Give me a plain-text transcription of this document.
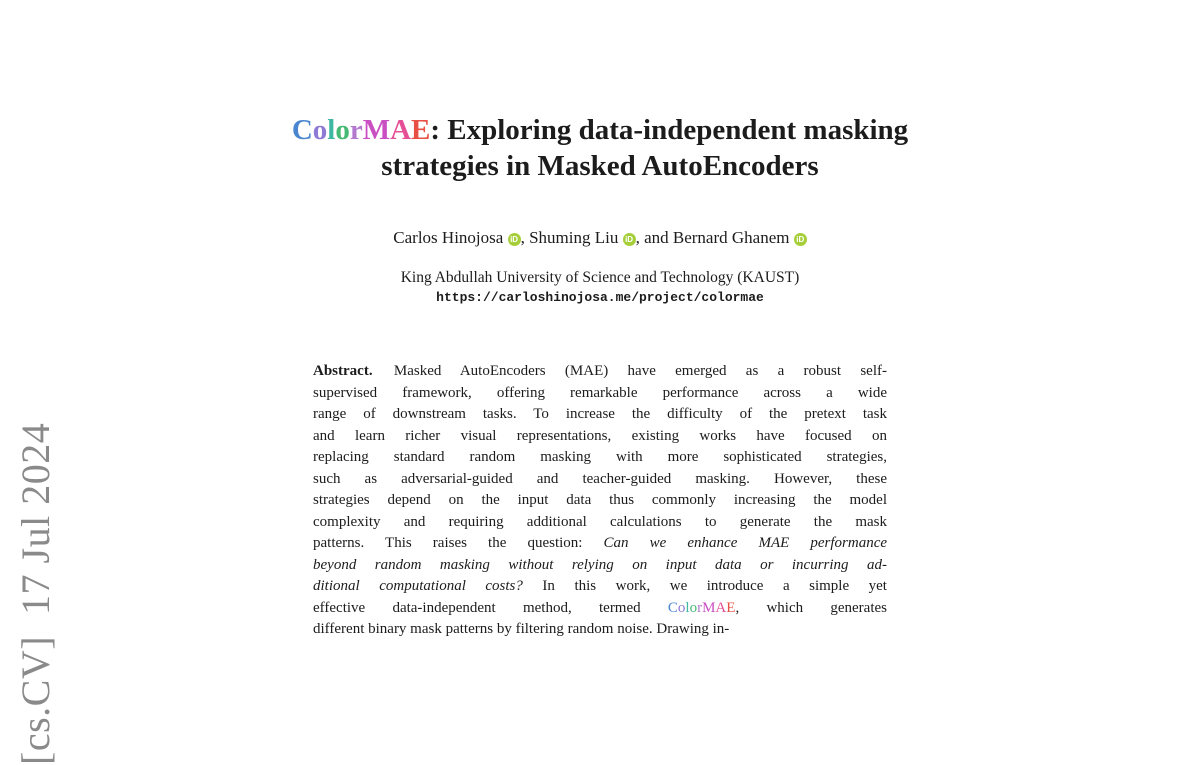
[cs.CV]  17 Jul 2024
ColorMAE: Exploring data-independent masking
strategies in Masked AutoEncoders
Carlos Hinojosa iD , Shuming Liu iD , and Bernard Ghanem iD
King Abdullah University of Science and Technology (KAUST)
https://carloshinojosa.me/project/colormae
Abstract. Masked AutoEncoders (MAE) have emerged as a robust self-
supervised framework, offering remarkable performance across a wide
range of downstream tasks. To increase the difficulty of the pretext task
and learn richer visual representations, existing works have focused on
replacing standard random masking with more sophisticated strategies,
such as adversarial-guided and teacher-guided masking. However, these
strategies depend on the input data thus commonly increasing the model
complexity and requiring additional calculations to generate the mask
patterns. This raises the question: Can we enhance MAE performance
beyond random masking without relying on input data or incurring ad-
ditional computational costs? In this work, we introduce a simple yet
effective data-independent method, termed ColorMAE, which generates
different binary mask patterns by filtering random noise. Drawing in-
